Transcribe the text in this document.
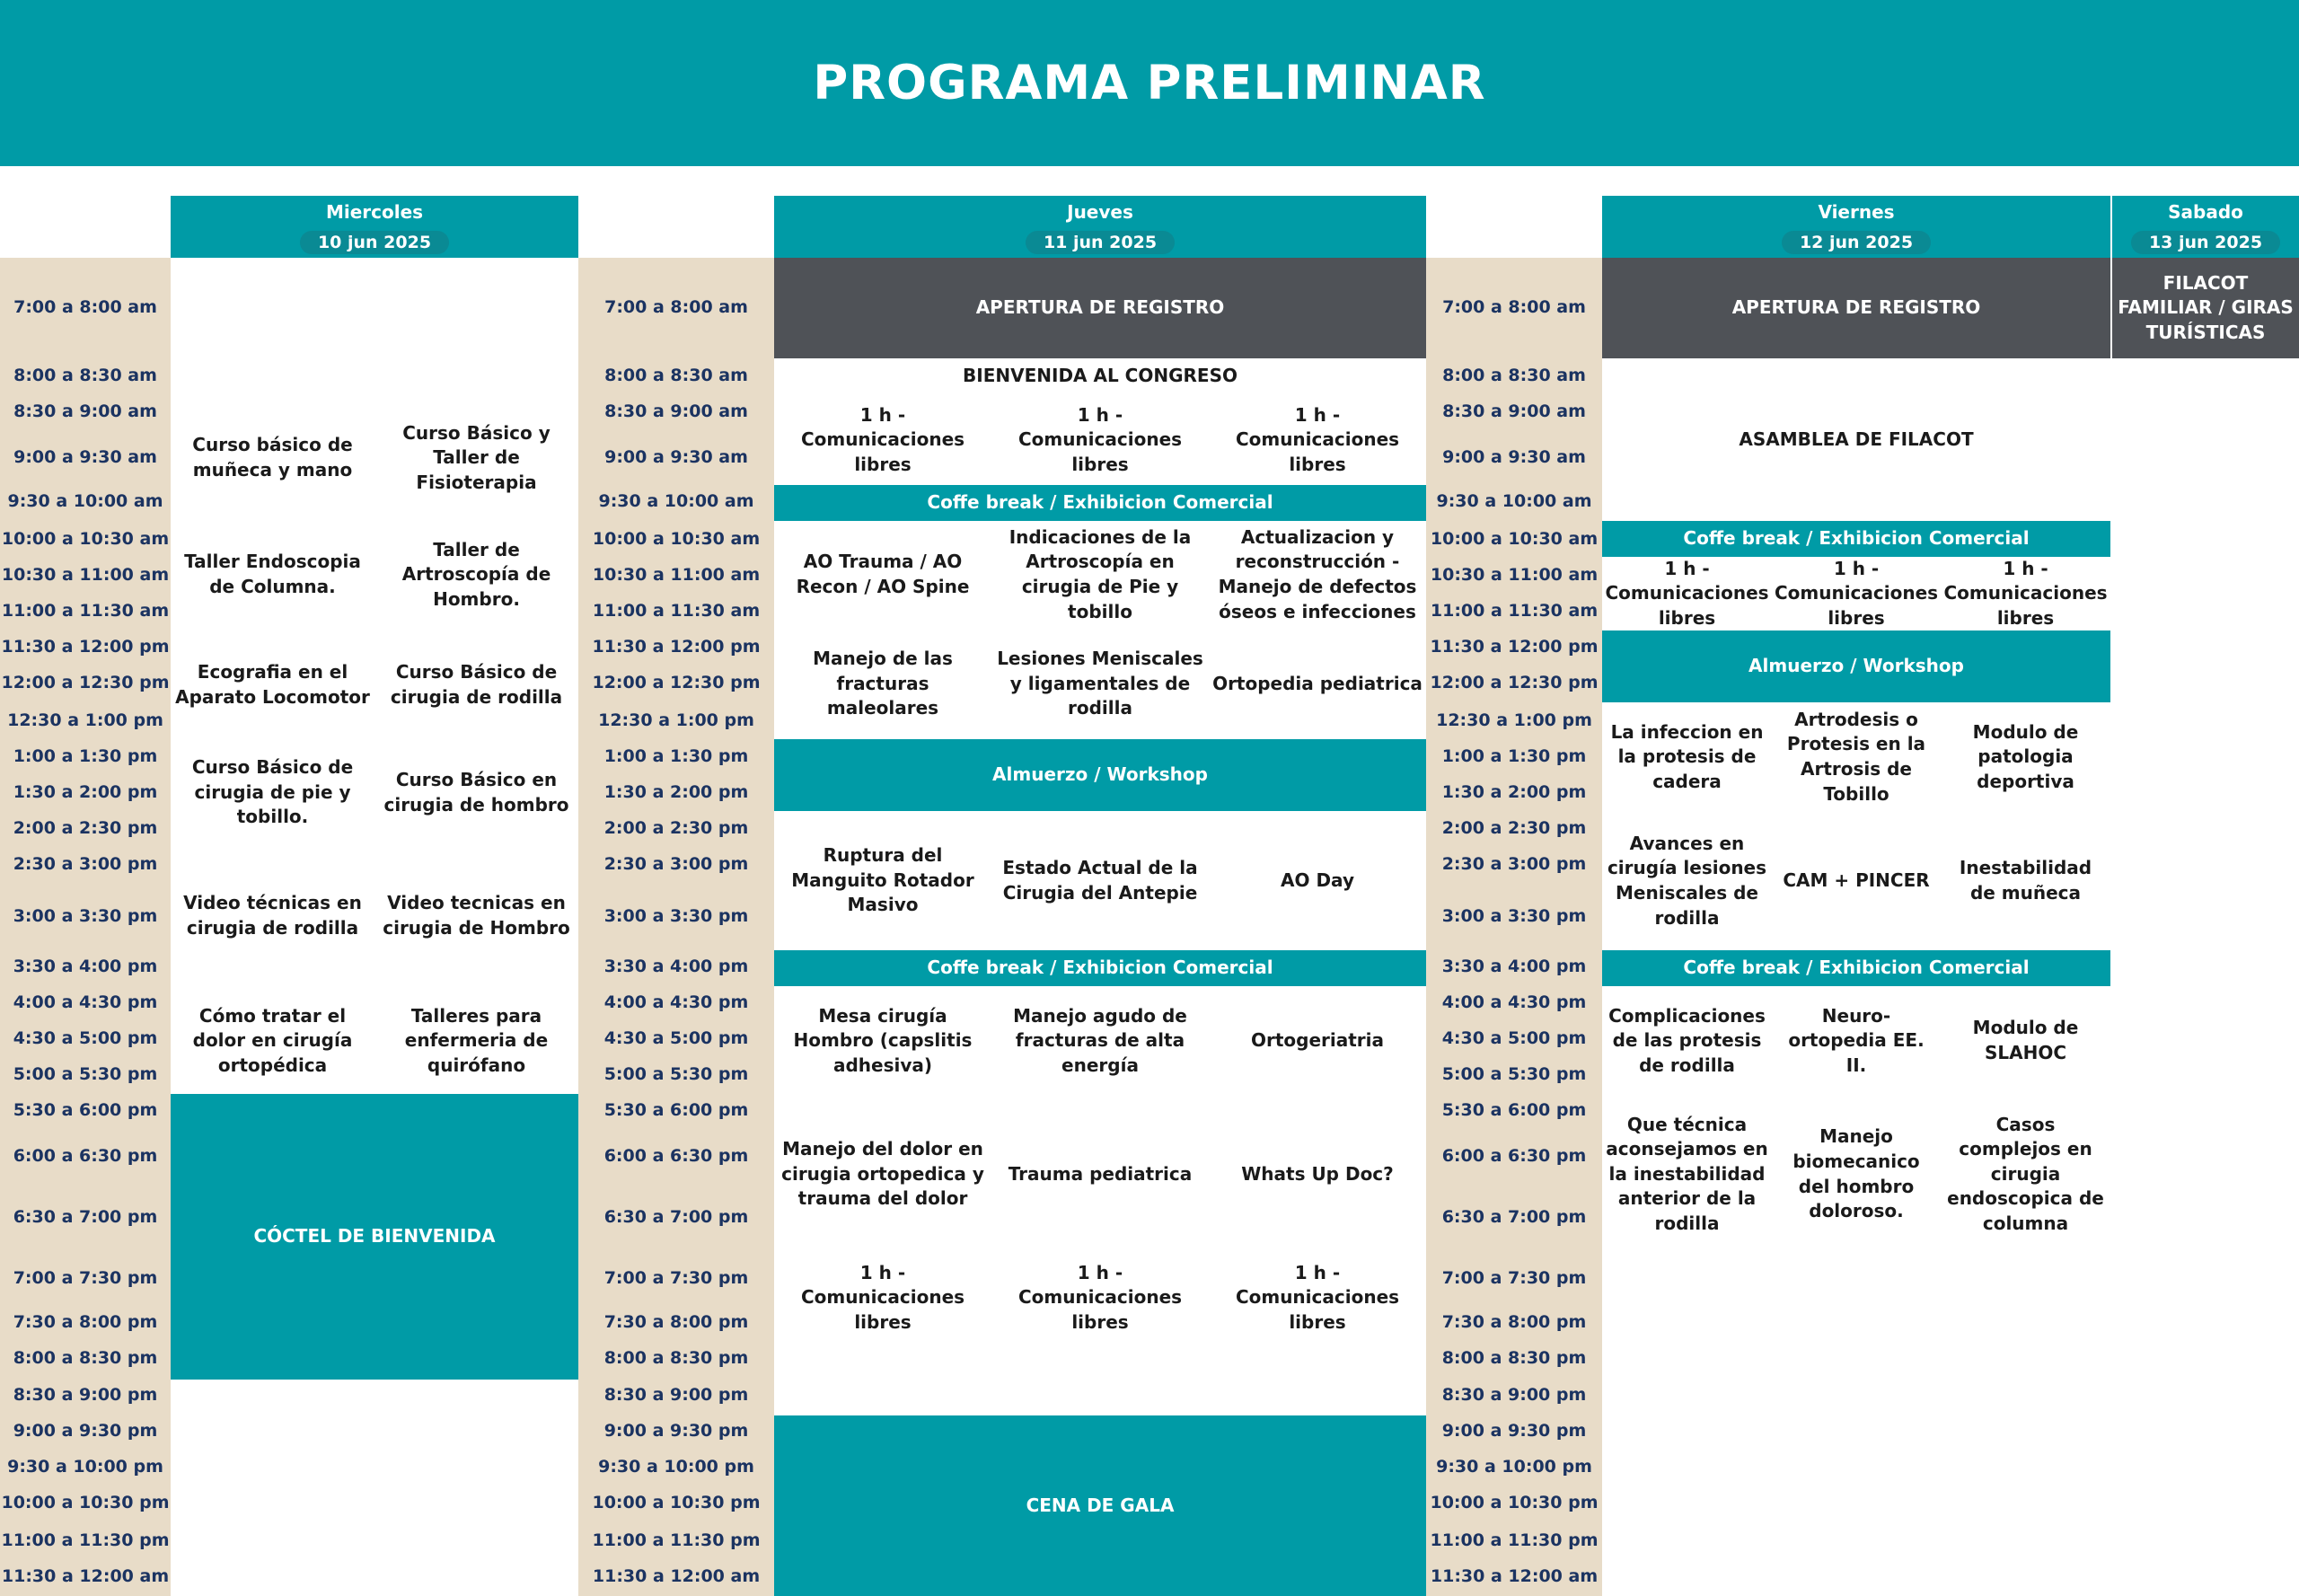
PROGRAMA PRELIMINAR
Miercoles
10 jun 2025
Jueves
11 jun 2025
Viernes
12 jun 2025
Sabado
13 jun 2025
7:00 a 8:00 am
8:00 a 8:30 am
8:30 a 9:00 am
9:00 a 9:30 am
9:30 a 10:00 am
10:00 a 10:30 am
10:30 a 11:00 am
11:00 a 11:30 am
11:30 a 12:00 pm
12:00 a 12:30 pm
12:30 a 1:00 pm
1:00 a 1:30 pm
1:30 a 2:00 pm
2:00 a 2:30 pm
2:30 a 3:00 pm
3:00 a 3:30 pm
3:30 a 4:00 pm
4:00 a 4:30 pm
4:30 a 5:00 pm
5:00 a 5:30 pm
5:30 a 6:00 pm
6:00 a 6:30 pm
6:30 a 7:00 pm
7:00 a 7:30 pm
7:30 a 8:00 pm
8:00 a 8:30 pm
8:30 a 9:00 pm
9:00 a 9:30 pm
9:30 a 10:00 pm
10:00 a 10:30 pm
11:00 a 11:30 pm
11:30 a 12:00 am
7:00 a 8:00 am
8:00 a 8:30 am
8:30 a 9:00 am
9:00 a 9:30 am
9:30 a 10:00 am
10:00 a 10:30 am
10:30 a 11:00 am
11:00 a 11:30 am
11:30 a 12:00 pm
12:00 a 12:30 pm
12:30 a 1:00 pm
1:00 a 1:30 pm
1:30 a 2:00 pm
2:00 a 2:30 pm
2:30 a 3:00 pm
3:00 a 3:30 pm
3:30 a 4:00 pm
4:00 a 4:30 pm
4:30 a 5:00 pm
5:00 a 5:30 pm
5:30 a 6:00 pm
6:00 a 6:30 pm
6:30 a 7:00 pm
7:00 a 7:30 pm
7:30 a 8:00 pm
8:00 a 8:30 pm
8:30 a 9:00 pm
9:00 a 9:30 pm
9:30 a 10:00 pm
10:00 a 10:30 pm
11:00 a 11:30 pm
11:30 a 12:00 am
7:00 a 8:00 am
8:00 a 8:30 am
8:30 a 9:00 am
9:00 a 9:30 am
9:30 a 10:00 am
10:00 a 10:30 am
10:30 a 11:00 am
11:00 a 11:30 am
11:30 a 12:00 pm
12:00 a 12:30 pm
12:30 a 1:00 pm
1:00 a 1:30 pm
1:30 a 2:00 pm
2:00 a 2:30 pm
2:30 a 3:00 pm
3:00 a 3:30 pm
3:30 a 4:00 pm
4:00 a 4:30 pm
4:30 a 5:00 pm
5:00 a 5:30 pm
5:30 a 6:00 pm
6:00 a 6:30 pm
6:30 a 7:00 pm
7:00 a 7:30 pm
7:30 a 8:00 pm
8:00 a 8:30 pm
8:30 a 9:00 pm
9:00 a 9:30 pm
9:30 a 10:00 pm
10:00 a 10:30 pm
11:00 a 11:30 pm
11:30 a 12:00 am
Curso básico de muñeca y mano
Curso Básico y Taller de Fisioterapia
Taller Endoscopia de Columna.
Taller de Artroscopía de Hombro.
Ecografia en el Aparato Locomotor
Curso Básico de cirugia de rodilla
Curso Básico de cirugia de pie y tobillo.
Curso Básico en cirugia de hombro
Video técnicas en cirugia de rodilla
Video tecnicas en cirugia de Hombro
Cómo tratar el dolor en cirugía ortopédica
Talleres para enfermeria de quirófano
CÓCTEL DE BIENVENIDA
APERTURA DE REGISTRO
BIENVENIDA AL CONGRESO
1 h - Comunicaciones libres
1 h - Comunicaciones libres
1 h - Comunicaciones libres
Coffe break / Exhibicion Comercial
AO Trauma / AO Recon / AO Spine
Indicaciones de la Artroscopía en cirugia de Pie y tobillo
Actualizacion y reconstrucción - Manejo de defectos óseos e infecciones
Manejo de las fracturas maleolares
Lesiones Meniscales y ligamentales de rodilla
Ortopedia pediatrica
Almuerzo / Workshop
Ruptura del Manguito Rotador Masivo
Estado Actual de la Cirugia del Antepie
AO Day
Coffe break / Exhibicion Comercial
Mesa cirugía Hombro (capslitis adhesiva)
Manejo agudo de fracturas de alta energía
Ortogeriatria
Manejo del dolor en cirugia ortopedica y trauma del dolor
Trauma pediatrica	Whats Up Doc?
1 h - Comunicaciones libres
1 h - Comunicaciones libres
1 h - Comunicaciones libres
CENA DE GALA
APERTURA DE REGISTRO
ASAMBLEA DE FILACOT
Coffe break / Exhibicion Comercial
1 h - Comunicaciones libres
1 h - Comunicaciones libres
1 h - Comunicaciones libres
Almuerzo / Workshop
La infeccion en la protesis de cadera
Artrodesis o Protesis en la Artrosis de Tobillo
Modulo de patologia deportiva
Avances en cirugía lesiones Meniscales de rodilla
CAM + PINCER
Inestabilidad de muñeca
Coffe break / Exhibicion Comercial
Complicaciones de las protesis de rodilla
Neuro-ortopedia EE. II.
Modulo de SLAHOC
Que técnica aconsejamos en la inestabilidad anterior de la rodilla
Manejo biomecanico del hombro doloroso.
Casos complejos en cirugia endoscopica de columna
FILACOT FAMILIAR / GIRAS TURÍSTICAS
